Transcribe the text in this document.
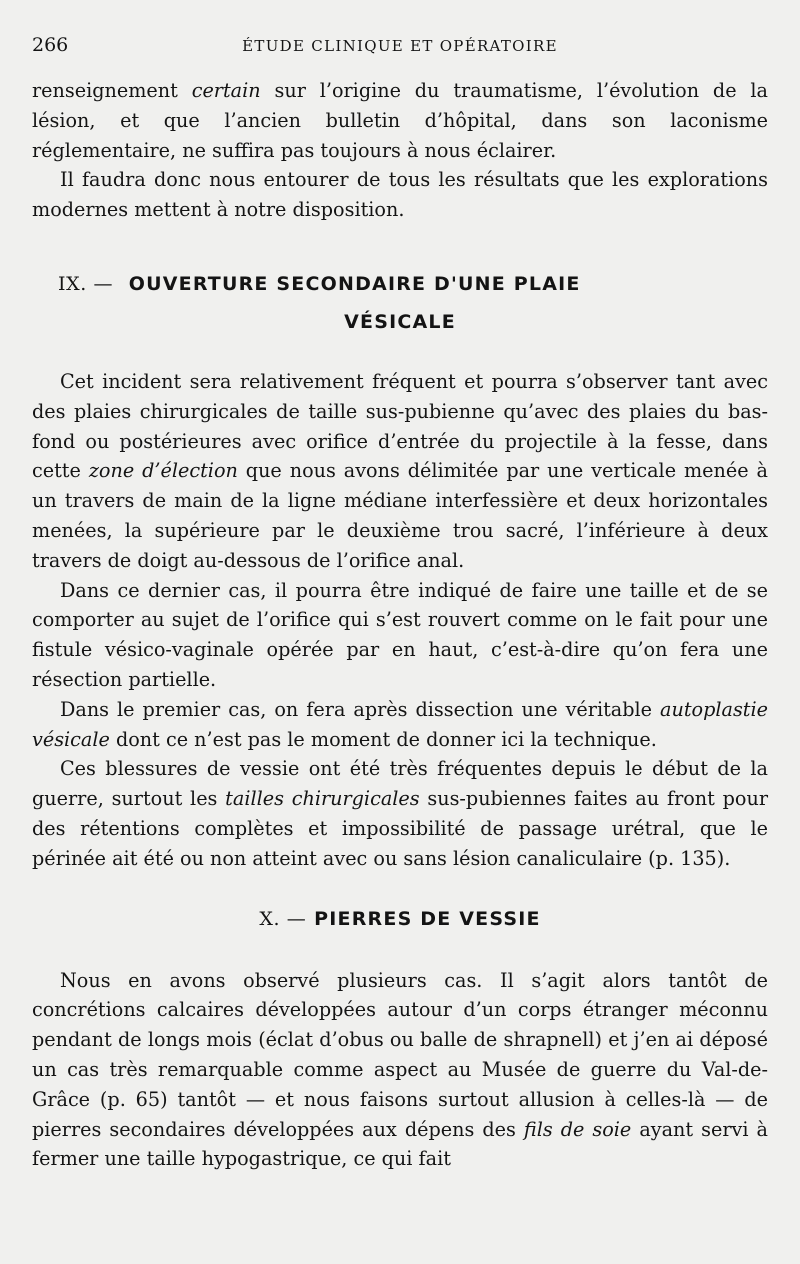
266	ÉTUDE CLINIQUE ET OPÉRATOIRE

renseignement certain sur l’origine du traumatisme, l’évolution de la lésion, et que l’ancien bulletin d’hôpital, dans son laconisme réglementaire, ne suffira pas toujours à nous éclairer.

Il faudra donc nous entourer de tous les résultats que les explorations modernes mettent à notre disposition.

IX. — OUVERTURE SECONDAIRE D'UNE PLAIE
VÉSICALE

Cet incident sera relativement fréquent et pourra s’observer tant avec des plaies chirurgicales de taille sus-pubienne qu’avec des plaies du bas-fond ou postérieures avec orifice d’entrée du projectile à la fesse, dans cette zone d’élection que nous avons délimitée par une verticale menée à un travers de main de la ligne médiane interfessière et deux horizontales menées, la supérieure par le deuxième trou sacré, l’inférieure à deux travers de doigt au-dessous de l’orifice anal.

Dans ce dernier cas, il pourra être indiqué de faire une taille et de se comporter au sujet de l’orifice qui s’est rouvert comme on le fait pour une fistule vésico-vaginale opérée par en haut, c’est-à-dire qu’on fera une résection partielle.

Dans le premier cas, on fera après dissection une véritable autoplastie vésicale dont ce n’est pas le moment de donner ici la technique.

Ces blessures de vessie ont été très fréquentes depuis le début de la guerre, surtout les tailles chirurgicales sus-pubiennes faites au front pour des rétentions complètes et impossibilité de passage urétral, que le périnée ait été ou non atteint avec ou sans lésion canaliculaire (p. 135).

X. — PIERRES DE VESSIE

Nous en avons observé plusieurs cas. Il s’agit alors tantôt de concrétions calcaires développées autour d’un corps étranger méconnu pendant de longs mois (éclat d’obus ou balle de shrapnell) et j’en ai déposé un cas très remarquable comme aspect au Musée de guerre du Val-de-Grâce (p. 65) tantôt — et nous faisons surtout allusion à celles-là — de pierres secondaires développées aux dépens des fils de soie ayant servi à fermer une taille hypogastrique, ce qui fait
